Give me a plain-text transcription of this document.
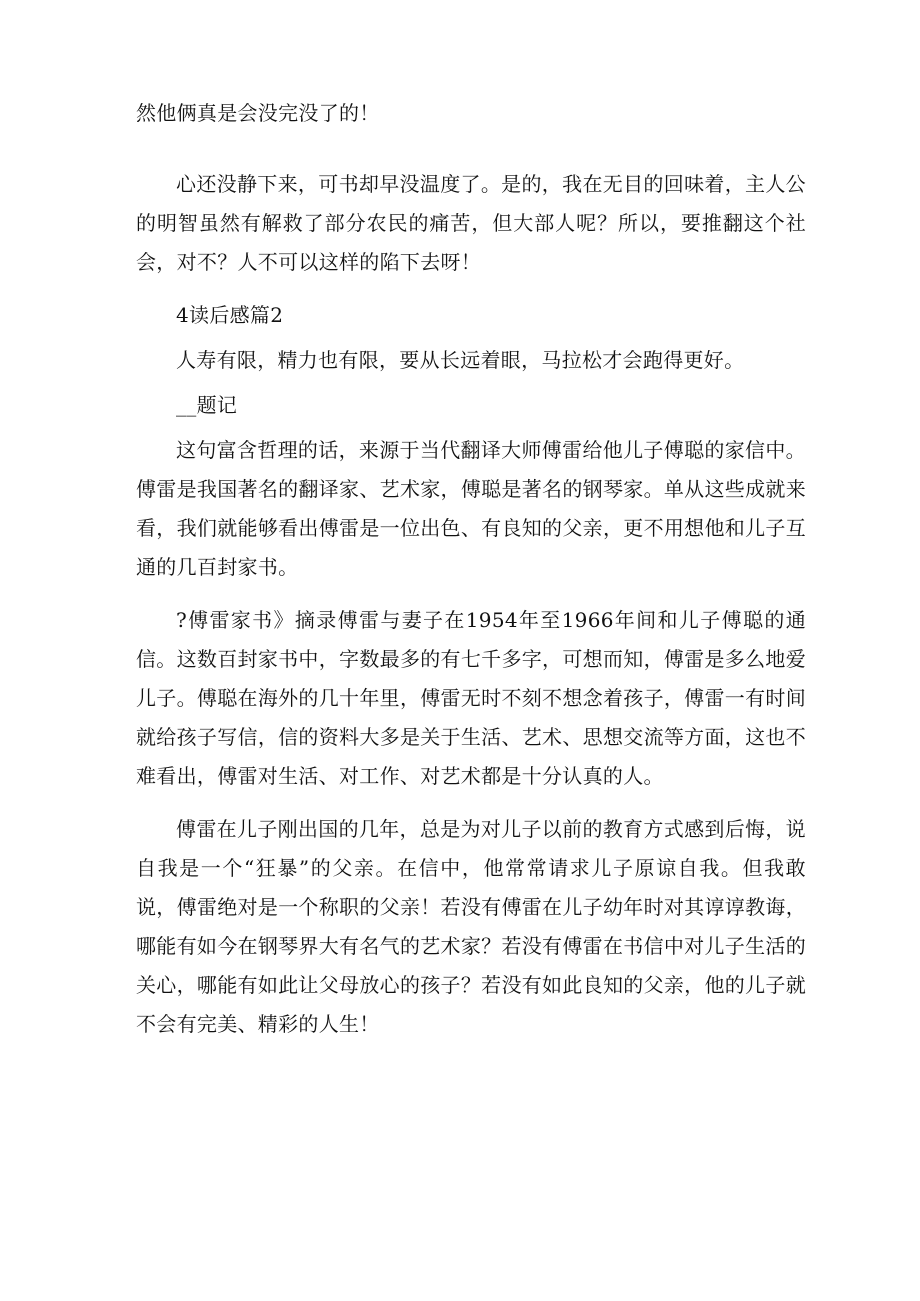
然他俩真是会没完没了的！

心还没静下来，可书却早没温度了。是的，我在无目的回味着，主人公的明智虽然有解救了部分农民的痛苦，但大部人呢？所以，要推翻这个社会，对不？人不可以这样的陷下去呀！

4读后感篇2

人寿有限，精力也有限，要从长远着眼，马拉松才会跑得更好。

__题记

这句富含哲理的话，来源于当代翻译大师傅雷给他儿子傅聪的家信中。傅雷是我国著名的翻译家、艺术家，傅聪是著名的钢琴家。单从这些成就来看，我们就能够看出傅雷是一位出色、有良知的父亲，更不用想他和儿子互通的几百封家书。

?傅雷家书》摘录傅雷与妻子在1954年至1966年间和儿子傅聪的通信。这数百封家书中，字数最多的有七千多字，可想而知，傅雷是多么地爱儿子。傅聪在海外的几十年里，傅雷无时不刻不想念着孩子，傅雷一有时间就给孩子写信，信的资料大多是关于生活、艺术、思想交流等方面，这也不难看出，傅雷对生活、对工作、对艺术都是十分认真的人。

傅雷在儿子刚出国的几年，总是为对儿子以前的教育方式感到后悔，说自我是一个“狂暴”的父亲。在信中，他常常请求儿子原谅自我。但我敢说，傅雷绝对是一个称职的父亲！若没有傅雷在儿子幼年时对其谆谆教诲，哪能有如今在钢琴界大有名气的艺术家？若没有傅雷在书信中对儿子生活的关心，哪能有如此让父母放心的孩子？若没有如此良知的父亲，他的儿子就不会有完美、精彩的人生！
